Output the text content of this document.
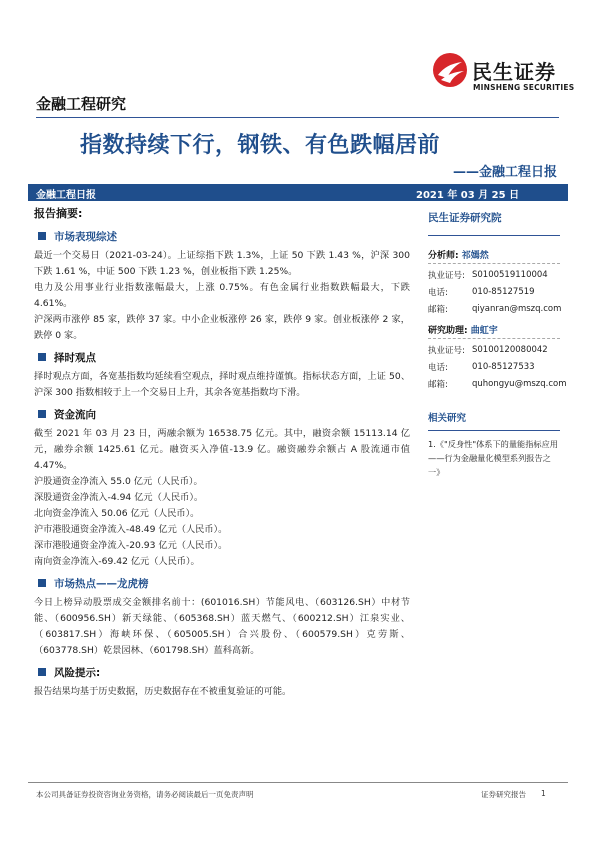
民生证券
MINSHENG SECURITIES
金融工程研究
指数持续下行，钢铁、有色跌幅居前
——金融工程日报
金融工程日报	2021 年 03 月 25 日
报告摘要:
市场表现综述

最近一个交易日（2021-03-24）。上证综指下跌 1.3%，上证 50 下跌 1.43 %，沪深 300 下跌 1.61 %，中证 500 下跌 1.23 %，创业板指下跌 1.25%。

电力及公用事业行业指数涨幅最大，上涨 0.75%。有色金属行业指数跌幅最大，下跌 4.61%。

沪深两市涨停 85 家，跌停 37 家。中小企业板涨停 26 家，跌停 9 家。创业板涨停 2 家，跌停 0 家。

择时观点

择时观点方面，各宽基指数均延续看空观点，择时观点维持谨慎。指标状态方面，上证 50、沪深 300 指数相较于上一个交易日上升，其余各宽基指数均下滑。

资金流向

截至 2021 年 03 月 23 日，两融余额为 16538.75 亿元。其中，融资余额 15113.14 亿元，融券余额 1425.61 亿元。融资买入净值-13.9 亿。融资融券余额占 A 股流通市值 4.47%。

沪股通资金净流入 55.0 亿元（人民币）。

深股通资金净流入-4.94 亿元（人民币）。

北向资金净流入 50.06 亿元（人民币）。

沪市港股通资金净流入-48.49 亿元（人民币）。

深市港股通资金净流入-20.93 亿元（人民币）。

南向资金净流入-69.42 亿元（人民币）。

市场热点——龙虎榜

今日上榜异动股票成交金额排名前十：(601016.SH）节能风电、（603126.SH）中材节能、（600956.SH）新天绿能、（605368.SH）蓝天燃气、（600212.SH）江泉实业、（603817.SH）海峡环保、（605005.SH）合兴股份、（600579.SH）克劳斯、（603778.SH）乾景园林、（601798.SH）蓝科高新。

风险提示:

报告结果均基于历史数据，历史数据存在不被重复验证的可能。

民生证券研究院
分析师: 祁嫣然
执业证号: S0100519110004
电话:	010-85127519
邮箱:	qiyanran@mszq.com
研究助理: 曲虹宇
执业证号: S0100120080042
电话:	010-85127533
邮箱:	quhongyu@mszq.com
相关研究
1.《"反身性"体系下的量能指标应用——行为金融量化模型系列报告之一》
本公司具备证券投资咨询业务资格，请务必阅读最后一页免责声明	证券研究报告 1
